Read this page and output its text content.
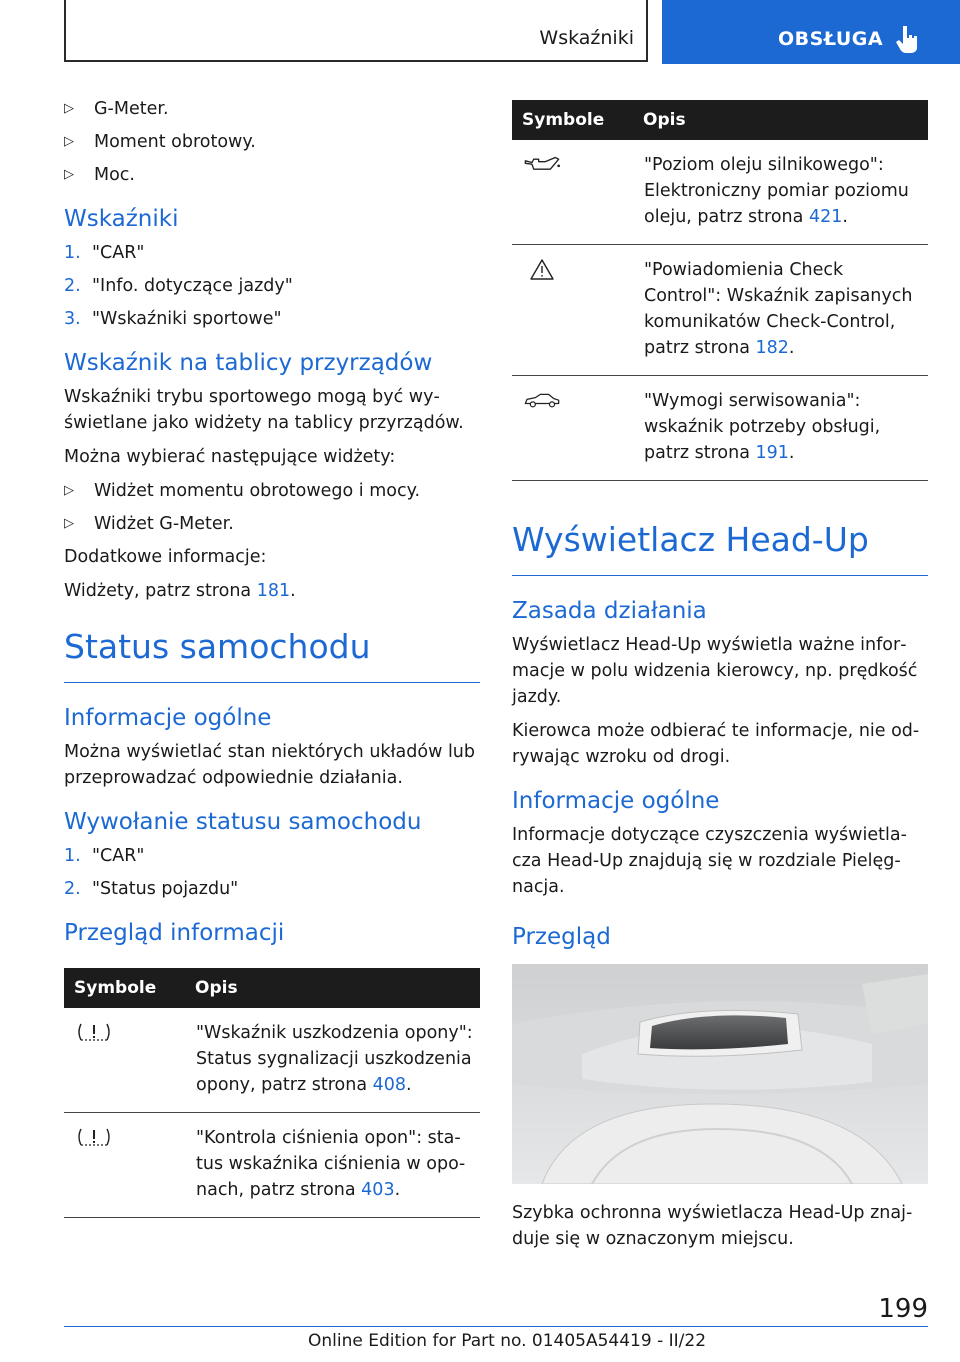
Wskaźniki	OBSŁUGA
▷	G-Meter.
▷	Moment obrotowy.
▷	Moc.
Wskaźniki
1. "CAR"
2. "Info. dotyczące jazdy"
3. "Wskaźniki sportowe"
Wskaźnik na tablicy przyrządów

Wskaźniki trybu sportowego mogą być wyświetlane jako widżety na tablicy przyrządów.

Można wybierać następujące widżety:

▷	Widżet momentu obrotowego i mocy.
▷	Widżet G-Meter.

Dodatkowe informacje:

Widżety, patrz strona 181.

Status samochodu
Informacje ogólne

Można wyświetlać stan niektórych układów lub przeprowadzać odpowiednie działania.

Wywołanie statusu samochodu
1. "CAR"
2. "Status pojazdu"
Przegląd informacji
Symbole	Opis
	"Wskaźnik uszkodzenia opony": Status sygnalizacji uszkodzenia opony, patrz strona 408.
	"Kontrola ciśnienia opon": status wskaźnika ciśnienia w oponach, patrz strona 403.
Symbole	Opis
	"Poziom oleju silnikowego": Elektroniczny pomiar poziomu oleju, patrz strona 421.
	"Powiadomienia Check Control": Wskaźnik zapisanych komunikatów Check-Control, patrz strona 182.
	"Wymogi serwisowania": wskaźnik potrzeby obsługi, patrz strona 191.
Wyświetlacz Head-Up
Zasada działania

Wyświetlacz Head-Up wyświetla ważne informacje w polu widzenia kierowcy, np. prędkość jazdy.

Kierowca może odbierać te informacje, nie odrywając wzroku od drogi.

Informacje ogólne

Informacje dotyczące czyszczenia wyświetlacza Head-Up znajdują się w rozdziale Pielęgnacja.

Przegląd

Szybka ochronna wyświetlacza Head-Up znajduje się w oznaczonym miejscu.

199
Online Edition for Part no. 01405A54419 - II/22
